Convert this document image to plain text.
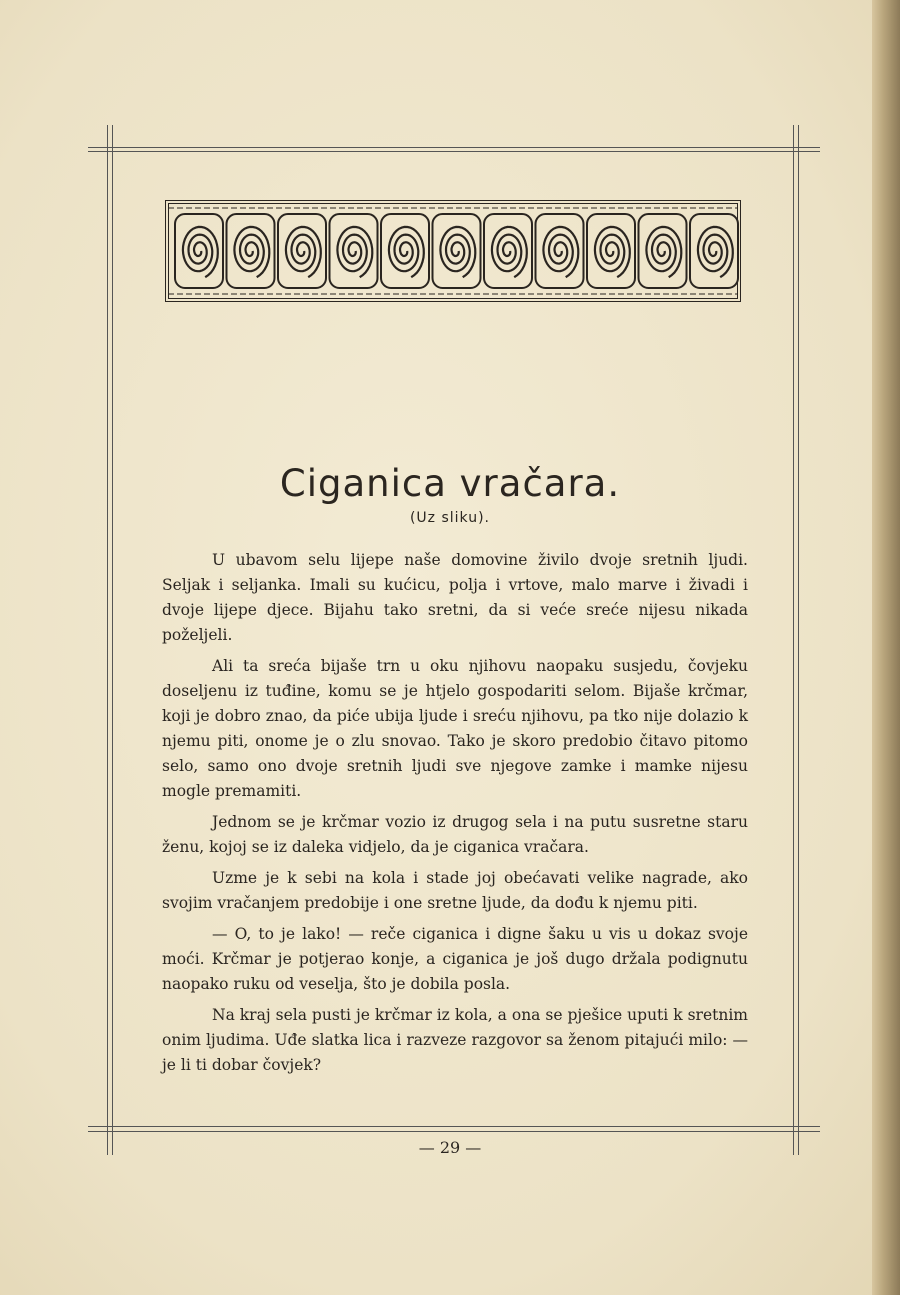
Ciganica vračara.
(Uz sliku).

U ubavom selu lijepe naše domovine živilo dvoje sretnih ljudi. Seljak i seljanka. Imali su kućicu, polja i vrtove, malo marve i živadi i dvoje lijepe djece. Bijahu tako sretni, da si veće sreće nijesu nikada poželjeli.

Ali ta sreća bijaše trn u oku njihovu naopaku susjedu, čovjeku doseljenu iz tuđine, komu se je htjelo gospodariti selom. Bijaše krčmar, koji je dobro znao, da piće ubija ljude i sreću njihovu, pa tko nije dolazio k njemu piti, onome je o zlu snovao. Tako je skoro predobio čitavo pitomo selo, samo ono dvoje sretnih ljudi sve njegove zamke i mamke nijesu mogle premamiti.

Jednom se je krčmar vozio iz drugog sela i na putu susretne staru ženu, kojoj se iz daleka vidjelo, da je ciganica vračara.

Uzme je k sebi na kola i stade joj obećavati velike nagrade, ako svojim vračanjem predobije i one sretne ljude, da dođu k njemu piti.

— O, to je lako! — reče ciganica i digne šaku u vis u dokaz svoje moći. Krčmar je potjerao konje, a ciganica je još dugo držala podignutu naopako ruku od veselja, što je dobila posla.

Na kraj sela pusti je krčmar iz kola, a ona se pješice uputi k sretnim onim ljudima. Uđe slatka lica i razveze razgovor sa ženom pitajući milo: — je li ti dobar čovjek?

— 29 —
